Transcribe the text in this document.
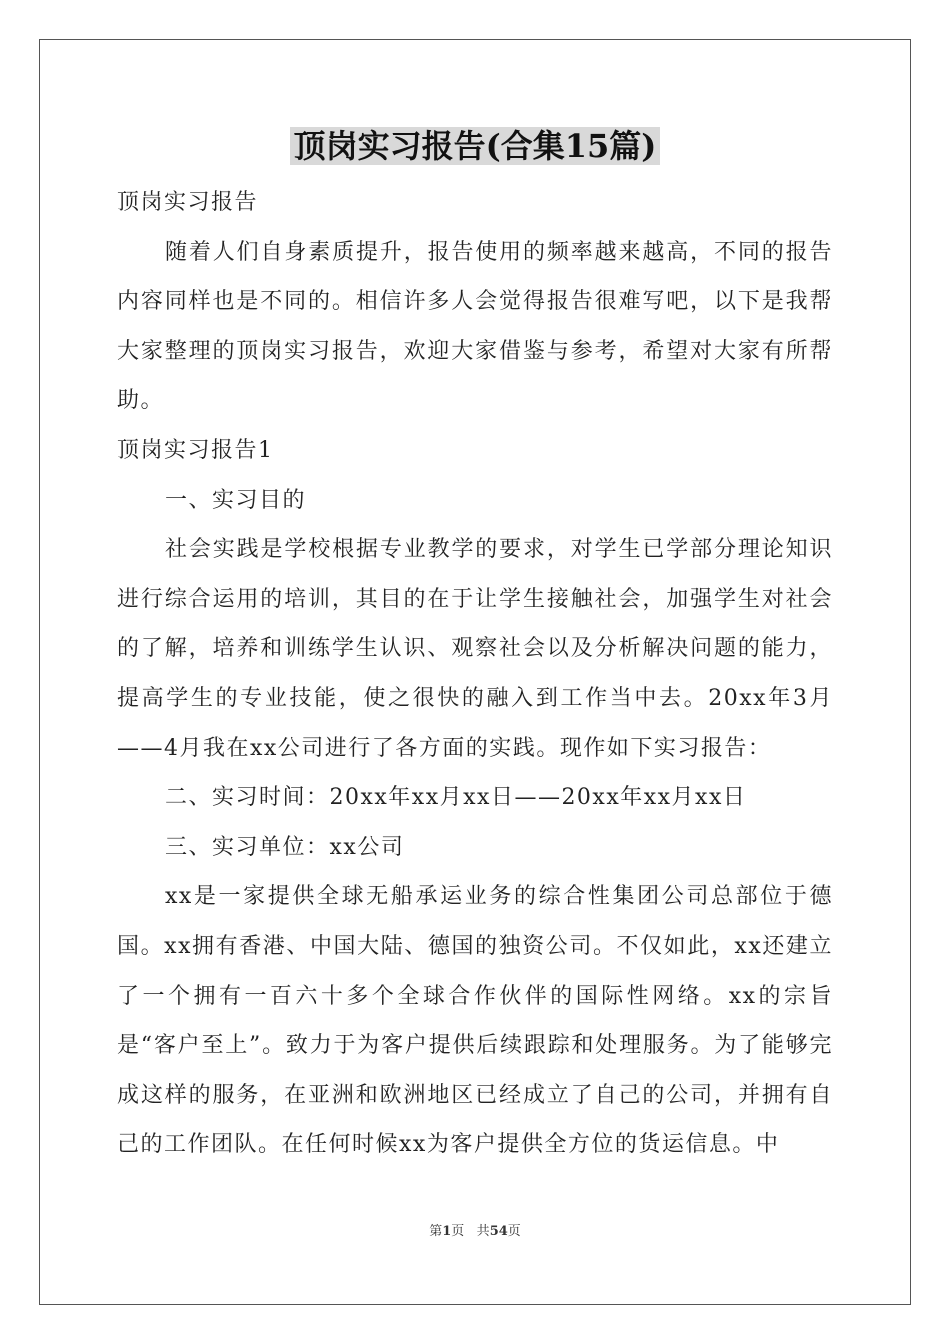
顶岗实习报告(合集15篇)

顶岗实习报告

随着人们自身素质提升，报告使用的频率越来越高，不同的报告内容同样也是不同的。相信许多人会觉得报告很难写吧，以下是我帮大家整理的顶岗实习报告，欢迎大家借鉴与参考，希望对大家有所帮助。

顶岗实习报告1

一、实习目的

社会实践是学校根据专业教学的要求，对学生已学部分理论知识进行综合运用的培训，其目的在于让学生接触社会，加强学生对社会的了解，培养和训练学生认识、观察社会以及分析解决问题的能力，提高学生的专业技能，使之很快的融入到工作当中去。20xx年3月——4月我在xx公司进行了各方面的实践。现作如下实习报告：

二、实习时间：20xx年xx月xx日——20xx年xx月xx日

三、实习单位：xx公司

xx是一家提供全球无船承运业务的综合性集团公司总部位于德国。xx拥有香港、中国大陆、德国的独资公司。不仅如此，xx还建立了一个拥有一百六十多个全球合作伙伴的国际性网络。xx的宗旨是“客户至上”。致力于为客户提供后续跟踪和处理服务。为了能够完成这样的服务，在亚洲和欧洲地区已经成立了自己的公司，并拥有自己的工作团队。在任何时候xx为客户提供全方位的货运信息。中

第1页 共54页
